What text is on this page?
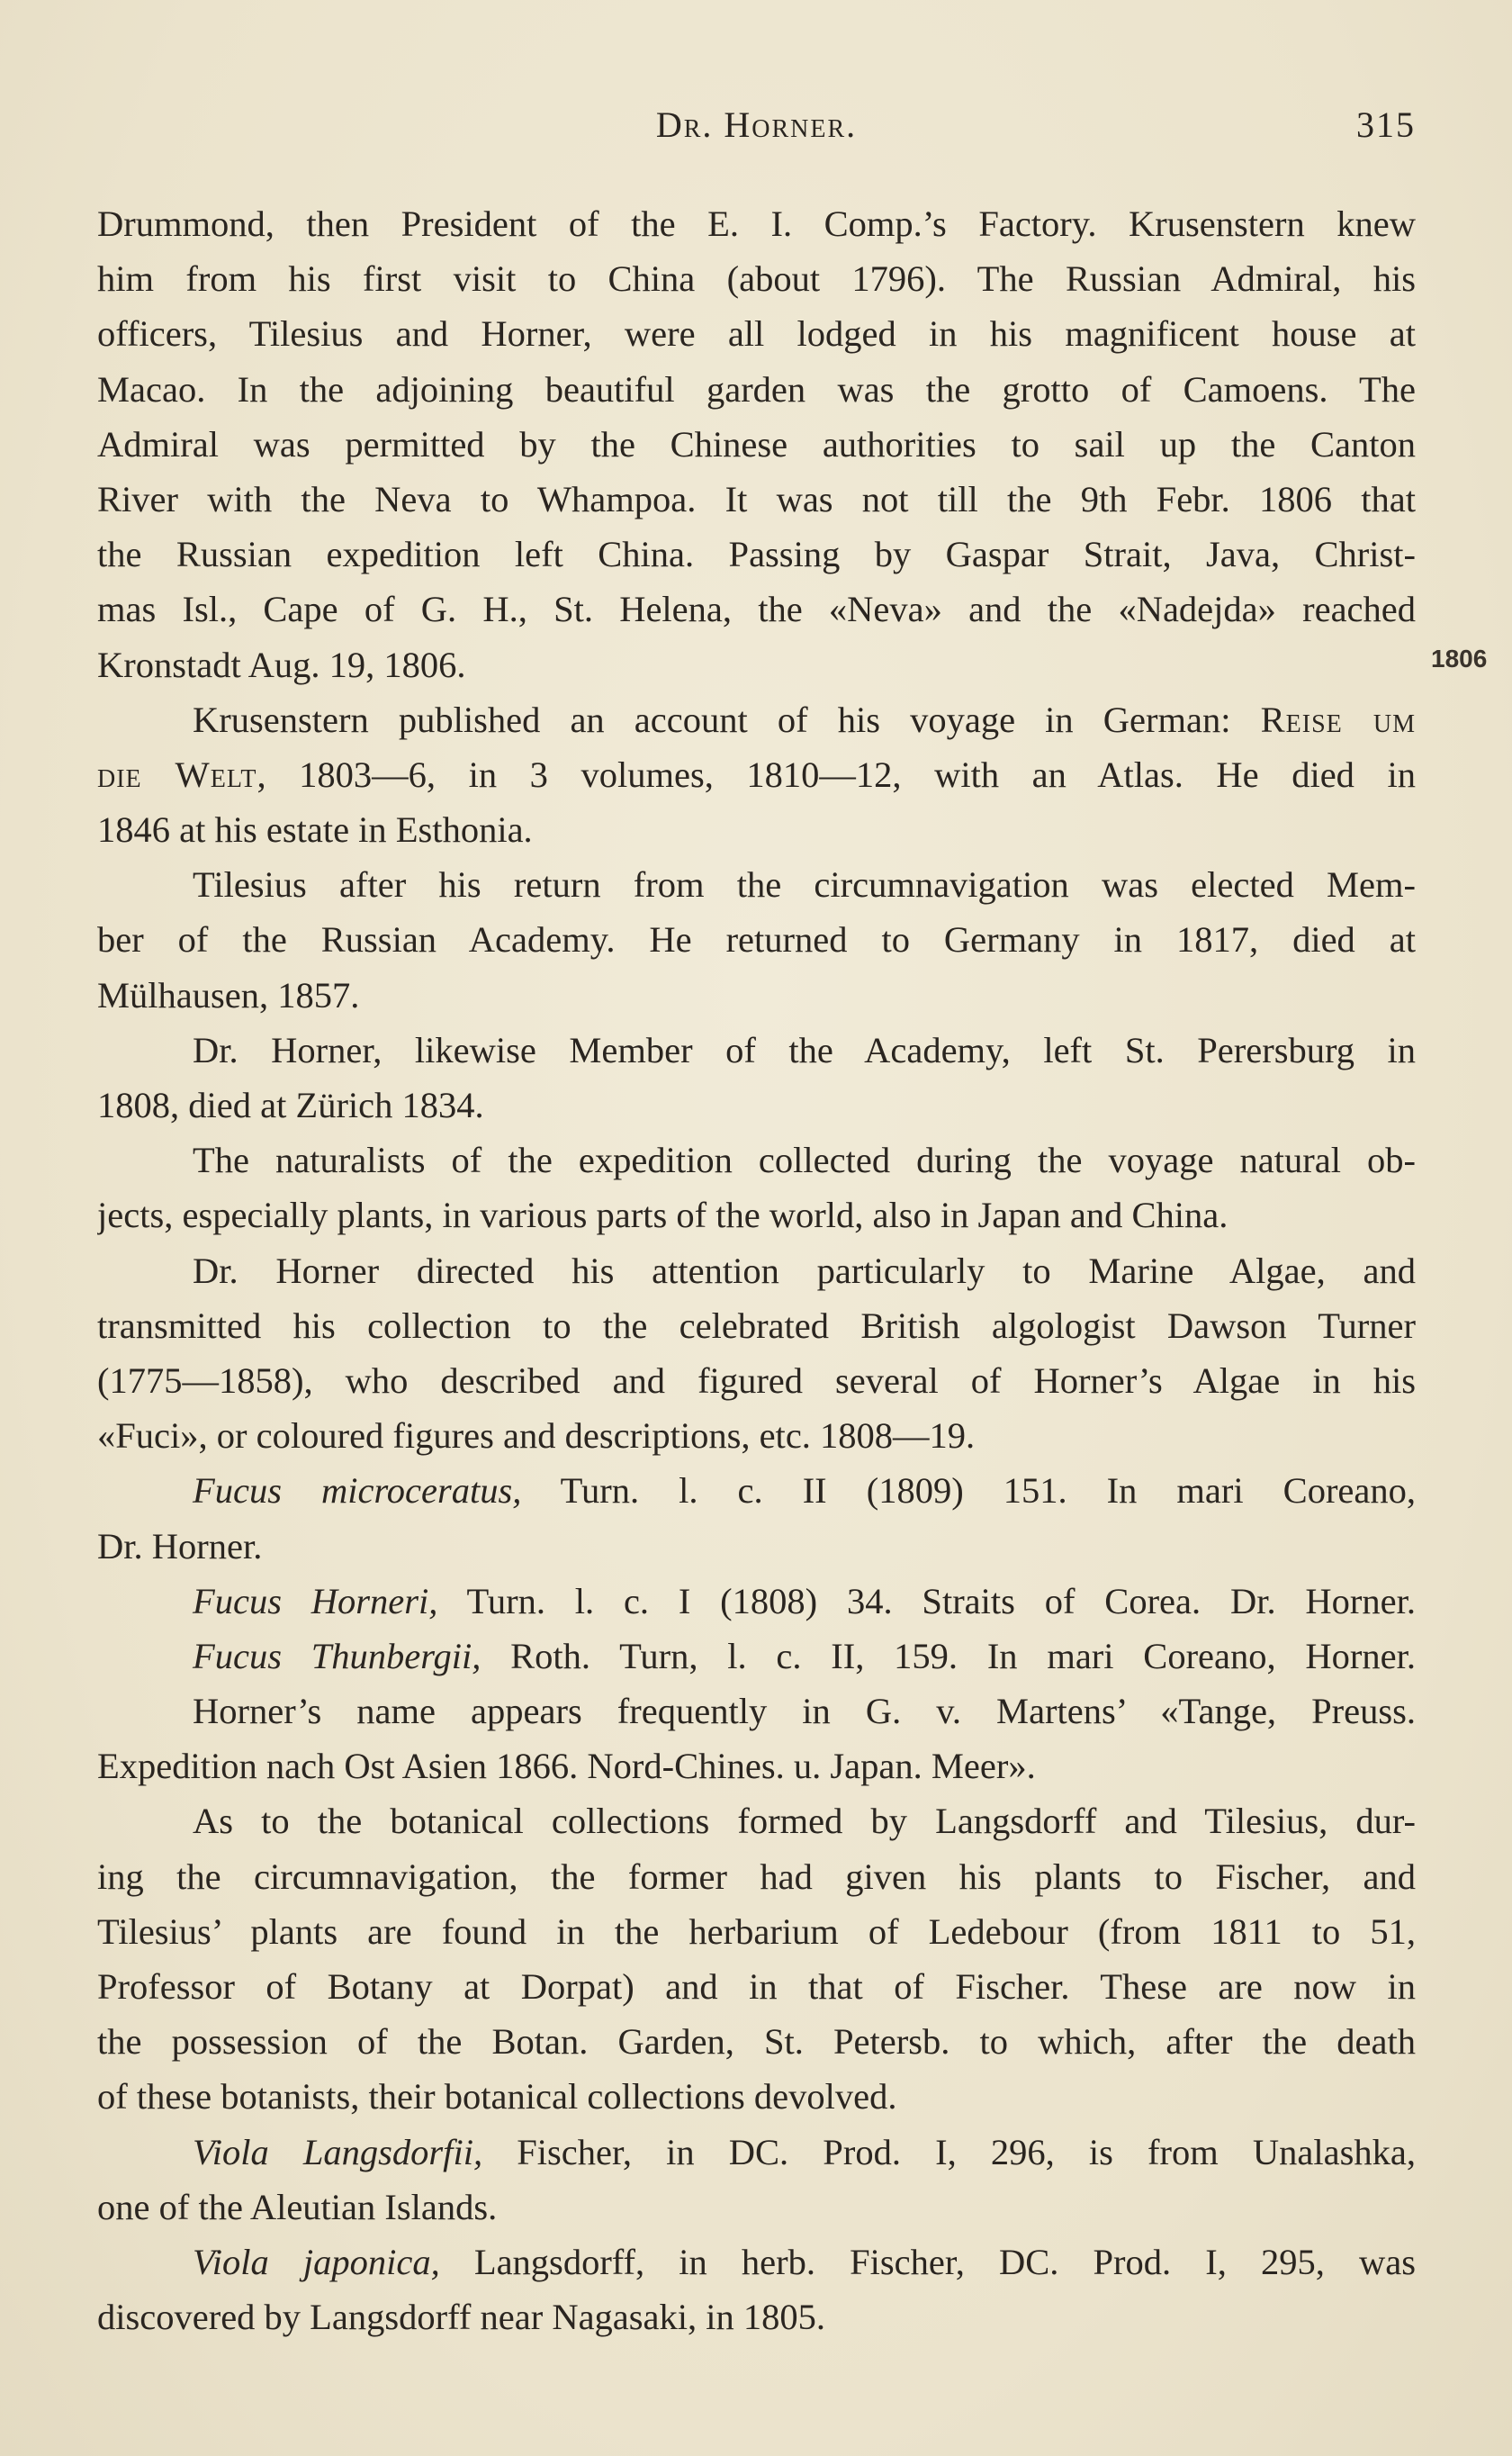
Dr. Horner.	315
1806
Drummond, then President of the E. I. Comp.’s Factory. Krusenstern knew
him from his first visit to China (about 1796). The Russian Admiral, his
officers, Tilesius and Horner, were all lodged in his magnificent house at
Macao. In the adjoining beautiful garden was the grotto of Camoens. The
Admiral was permitted by the Chinese authorities to sail up the Canton
River with the Neva to Whampoa. It was not till the 9th Febr. 1806 that
the Russian expedition left China. Passing by Gaspar Strait, Java, Christ-
mas Isl., Cape of G. H., St. Helena, the «Neva» and the «Nadejda» reached
Kronstadt Aug. 19, 1806.
Krusenstern published an account of his voyage in German: Reise um
die Welt, 1803—6, in 3 volumes, 1810—12, with an Atlas. He died in
1846 at his estate in Esthonia.
Tilesius after his return from the circumnavigation was elected Mem-
ber of the Russian Academy. He returned to Germany in 1817, died at
Mülhausen, 1857.
Dr. Horner, likewise Member of the Academy, left St. Perersburg in
1808, died at Zürich 1834.
The naturalists of the expedition collected during the voyage natural ob-
jects, especially plants, in various parts of the world, also in Japan and China.
Dr. Horner directed his attention particularly to Marine Algae, and
transmitted his collection to the celebrated British algologist Dawson Turner
(1775—1858), who described and figured several of Horner’s Algae in his
«Fuci», or coloured figures and descriptions, etc. 1808—19.
Fucus microceratus, Turn. l. c. II (1809) 151. In mari Coreano,
Dr. Horner.
Fucus Horneri, Turn. l. c. I (1808) 34. Straits of Corea. Dr. Horner.
Fucus Thunbergii, Roth. Turn, l. c. II, 159. In mari Coreano, Horner.
Horner’s name appears frequently in G. v. Martens’ «Tange, Preuss.
Expedition nach Ost Asien 1866. Nord-Chines. u. Japan. Meer».
As to the botanical collections formed by Langsdorff and Tilesius, dur-
ing the circumnavigation, the former had given his plants to Fischer, and
Tilesius’ plants are found in the herbarium of Ledebour (from 1811 to 51,
Professor of Botany at Dorpat) and in that of Fischer. These are now in
the possession of the Botan. Garden, St. Petersb. to which, after the death
of these botanists, their botanical collections devolved.
Viola Langsdorfii, Fischer, in DC. Prod. I, 296, is from Unalashka,
one of the Aleutian Islands.
Viola japonica, Langsdorff, in herb. Fischer, DC. Prod. I, 295, was
discovered by Langsdorff near Nagasaki, in 1805.
